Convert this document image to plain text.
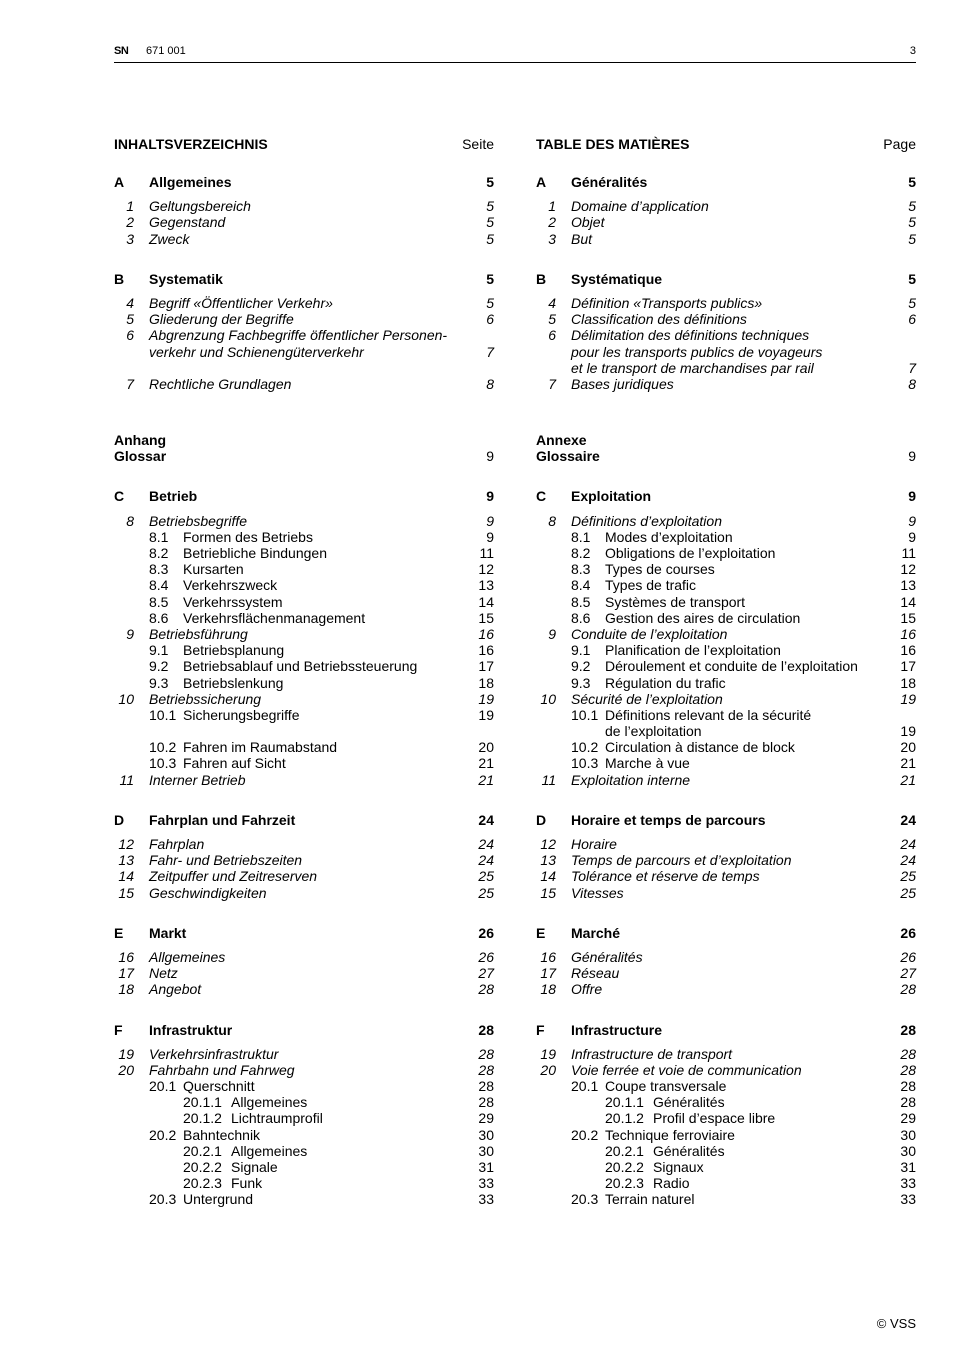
SN 671 001	3
INHALTSVERZEICHNIS	Seite
A Allgemeines	5
1 Geltungsbereich	5
2 Gegenstand	5
3 Zweck	5
B Systematik	5
4 Begriff «Öffentlicher Verkehr»	5
5 Gliederung der Begriffe	6
6 Abgrenzung Fachbegriffe öffentlicher Personen-
verkehr und Schienengüterverkehr	7
7 Rechtliche Grundlagen	8
Anhang
Glossar	9
C Betrieb	9
8 Betriebsbegriffe	9
8.1 Formen des Betriebs	9
8.2 Betriebliche Bindungen	11
8.3 Kursarten	12
8.4 Verkehrszweck	13
8.5 Verkehrssystem	14
8.6 Verkehrsflächenmanagement	15
9 Betriebsführung	16
9.1 Betriebsplanung	16
9.2 Betriebsablauf und Betriebssteuerung	17
9.3 Betriebslenkung	18
10 Betriebssicherung	19
10.1 Sicherungsbegriffe	19
10.2 Fahren im Raumabstand	20
10.3 Fahren auf Sicht	21
11 Interner Betrieb	21
D Fahrplan und Fahrzeit	24
12 Fahrplan	24
13 Fahr- und Betriebszeiten	24
14 Zeitpuffer und Zeitreserven	25
15 Geschwindigkeiten	25
E Markt	26
16 Allgemeines	26
17 Netz	27
18 Angebot	28
F Infrastruktur	28
19 Verkehrsinfrastruktur	28
20 Fahrbahn und Fahrweg	28
20.1 Querschnitt	28
20.1.1 Allgemeines	28
20.1.2 Lichtraumprofil	29
20.2 Bahntechnik	30
20.2.1 Allgemeines	30
20.2.2 Signale	31
20.2.3 Funk	33
20.3 Untergrund	33
TABLE DES MATIÈRES	Page
A Généralités	5
1 Domaine d’application	5
2 Objet	5
3 But	5
B Systématique	5
4 Définition «Transports publics»	5
5 Classification des définitions	6
6 Délimitation des définitions techniques
pour les transports publics de voyageurs
et le transport de marchandises par rail	7
7 Bases juridiques	8
Annexe
Glossaire	9
C Exploitation	9
8 Définitions d’exploitation	9
8.1 Modes d’exploitation	9
8.2 Obligations de l’exploitation	11
8.3 Types de courses	12
8.4 Types de trafic	13
8.5 Systèmes de transport	14
8.6 Gestion des aires de circulation	15
9 Conduite de l’exploitation	16
9.1 Planification de l’exploitation	16
9.2 Déroulement et conduite de l’exploitation	17
9.3 Régulation du trafic	18
10 Sécurité de l’exploitation	19
10.1 Définitions relevant de la sécurité
de l’exploitation	19
10.2 Circulation à distance de block	20
10.3 Marche à vue	21
11 Exploitation interne	21
D Horaire et temps de parcours	24
12 Horaire	24
13 Temps de parcours et d’exploitation	24
14 Tolérance et réserve de temps	25
15 Vitesses	25
E Marché	26
16 Généralités	26
17 Réseau	27
18 Offre	28
F Infrastructure	28
19 Infrastructure de transport	28
20 Voie ferrée et voie de communication	28
20.1 Coupe transversale	28
20.1.1 Généralités	28
20.1.2 Profil d’espace libre	29
20.2 Technique ferroviaire	30
20.2.1 Généralités	30
20.2.2 Signaux	31
20.2.3 Radio	33
20.3 Terrain naturel	33
© VSS
